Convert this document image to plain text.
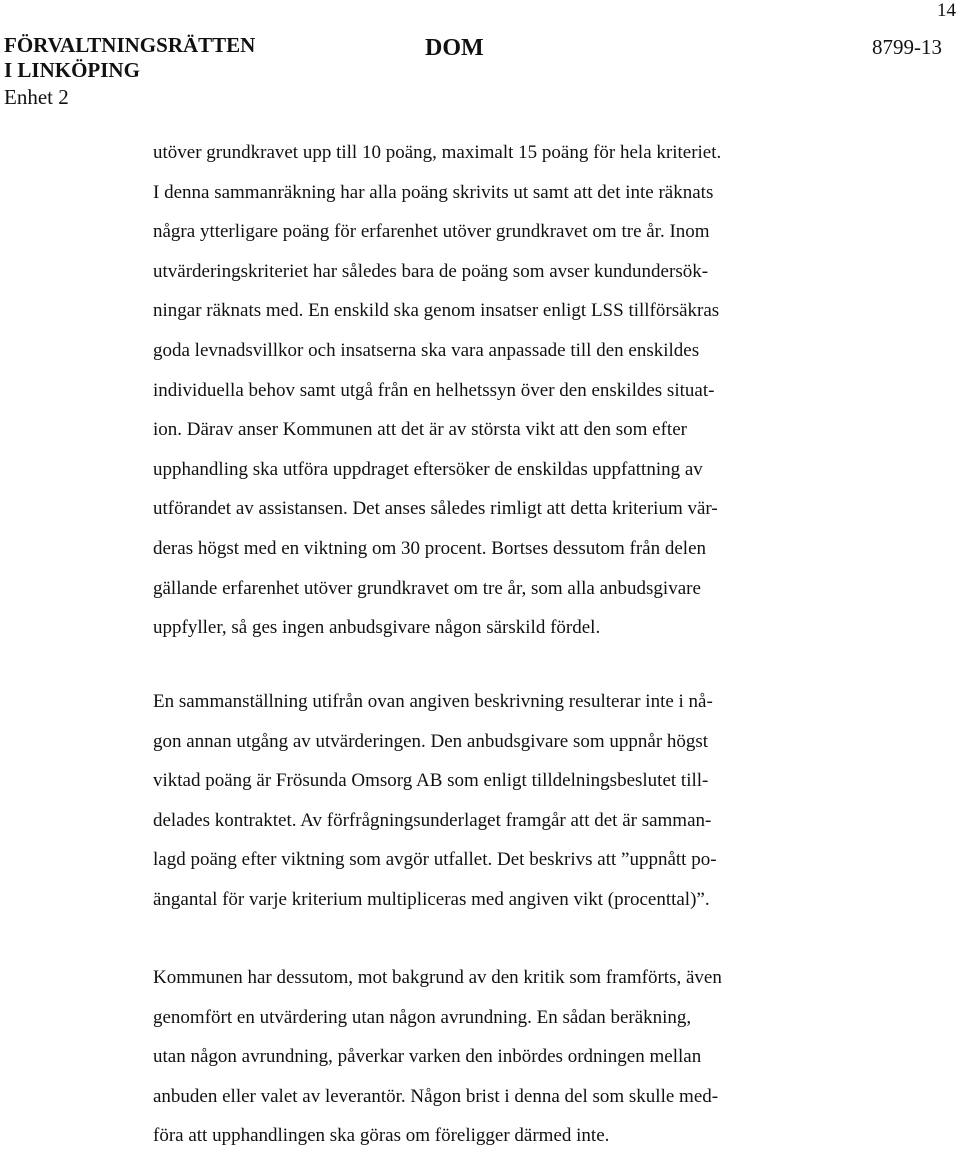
14
FÖRVALTNINGSRÄTTEN
I LINKÖPING
Enhet 2
DOM	8799-13
utöver grundkravet upp till 10 poäng, maximalt 15 poäng för hela kriteriet.
I denna sammanräkning har alla poäng skrivits ut samt att det inte räknats
några ytterligare poäng för erfarenhet utöver grundkravet om tre år. Inom
utvärderingskriteriet har således bara de poäng som avser kundundersök-
ningar räknats med. En enskild ska genom insatser enligt LSS tillförsäkras
goda levnadsvillkor och insatserna ska vara anpassade till den enskildes
individuella behov samt utgå från en helhetssyn över den enskildes situat-
ion. Därav anser Kommunen att det är av största vikt att den som efter
upphandling ska utföra uppdraget eftersöker de enskildas uppfattning av
utförandet av assistansen. Det anses således rimligt att detta kriterium vär-
deras högst med en viktning om 30 procent. Bortses dessutom från delen
gällande erfarenhet utöver grundkravet om tre år, som alla anbudsgivare
uppfyller, så ges ingen anbudsgivare någon särskild fördel.
En sammanställning utifrån ovan angiven beskrivning resulterar inte i nå-
gon annan utgång av utvärderingen. Den anbudsgivare som uppnår högst
viktad poäng är Frösunda Omsorg AB som enligt tilldelningsbeslutet till-
delades kontraktet. Av förfrågningsunderlaget framgår att det är samman-
lagd poäng efter viktning som avgör utfallet. Det beskrivs att ”uppnått po-
ängantal för varje kriterium multipliceras med angiven vikt (procenttal)”.
Kommunen har dessutom, mot bakgrund av den kritik som framförts, även
genomfört en utvärdering utan någon avrundning. En sådan beräkning,
utan någon avrundning, påverkar varken den inbördes ordningen mellan
anbuden eller valet av leverantör. Någon brist i denna del som skulle med-
föra att upphandlingen ska göras om föreligger därmed inte.
